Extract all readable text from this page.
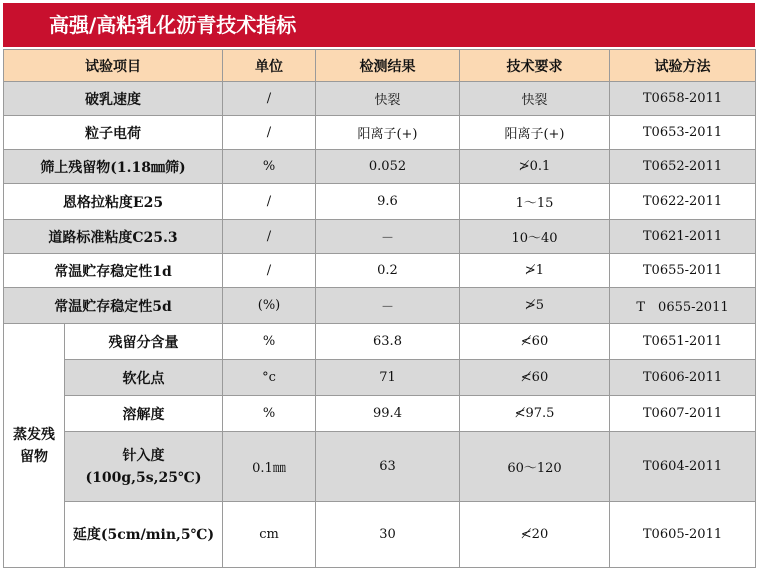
高强/高粘乳化沥青技术指标
试验项目		单位	检测结果	技术要求	试验方法
破乳速度		/	快裂	快裂	T0658-2011
粒子电荷		/	阳离子(+)	阳离子(+)	T0653-2011
筛上残留物(1.18㎜筛)		%	0.052	≯0.1	T0652-2011
恩格拉粘度E25		/	9.6	1～15	T0622-2011
道路标准粘度C25.3		/	－	10～40	T0621-2011
常温贮存稳定性1d		/	0.2	≯1	T0655-2011
常温贮存稳定性5d		(%)	－	≯5	T　0655-2011

蒸发残留物	残留分含量	%	63.8	≮60	T0651-2011
	软化点	°c	71	≮60	T0606-2011
	溶解度	%	99.4	≮97.5	T0607-2011
	针入度(100g,5s,25℃)	0.1㎜	63	60～120	T0604-2011
	延度(5cm/min,5℃)	cm	30	≮20	T0605-2011
